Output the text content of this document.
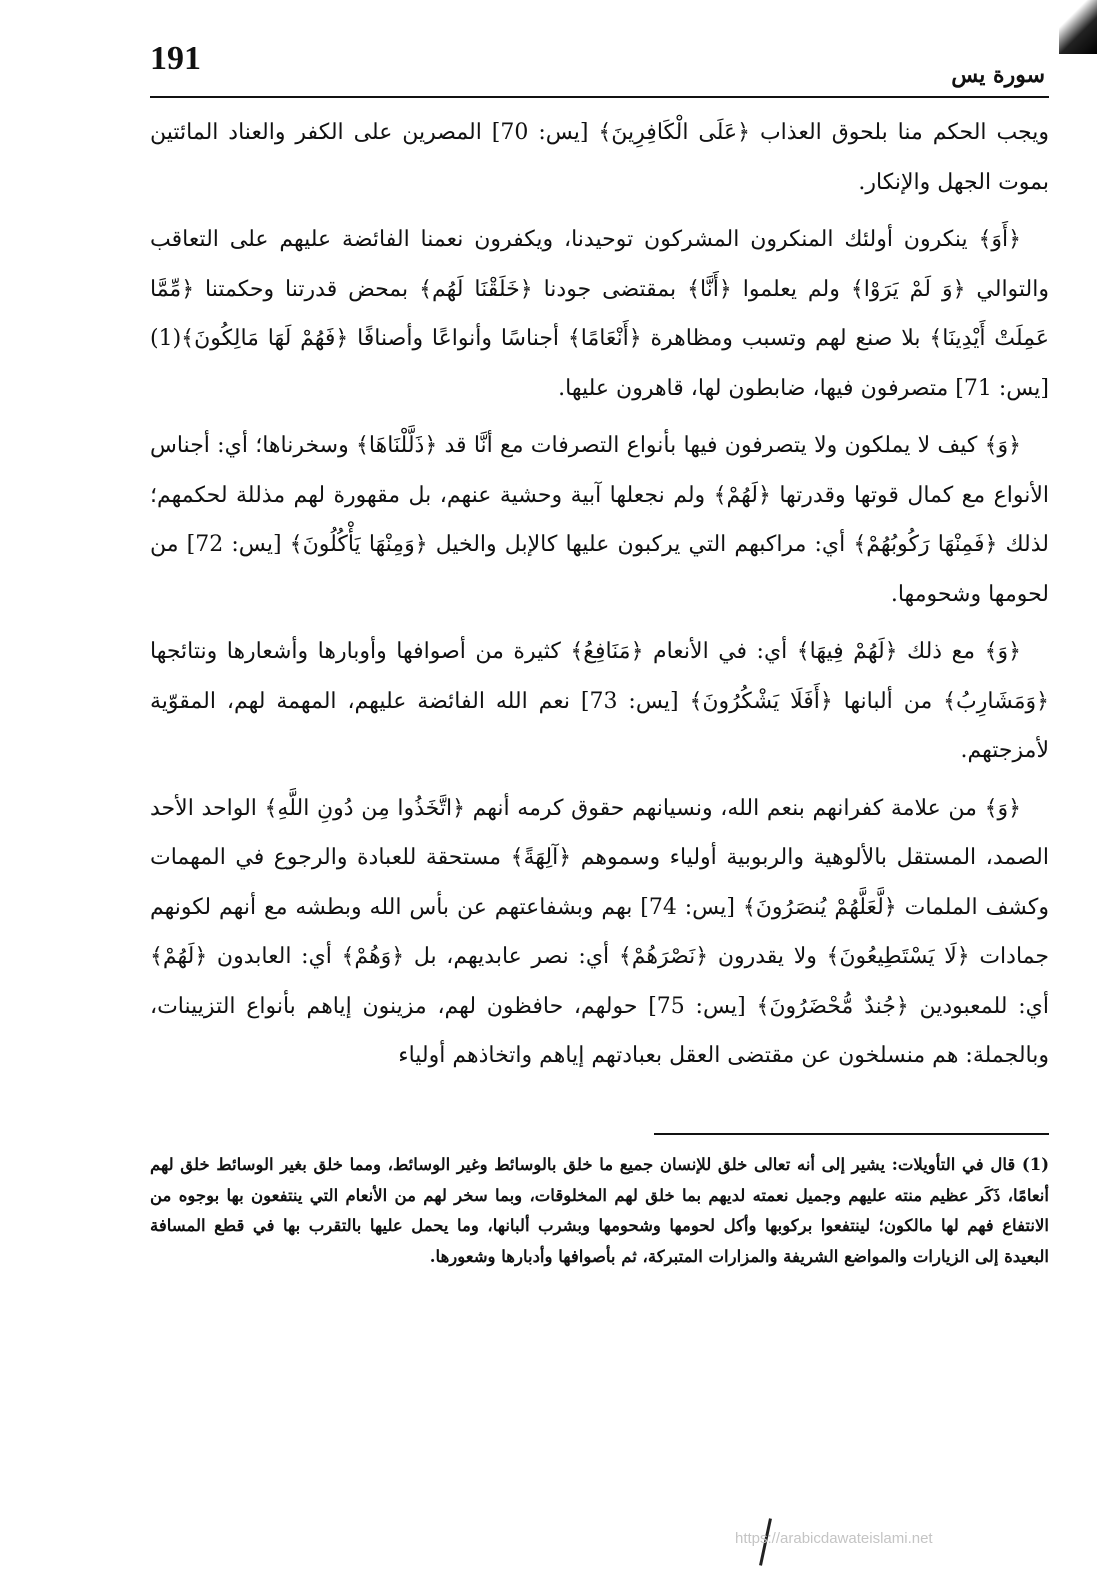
191	سورة يس

ويجب الحكم منا بلحوق العذاب ﴿عَلَى الْكَافِرِينَ﴾ [يس: 70] المصرين على الكفر والعناد المائتين بموت الجهل والإنكار.

﴿أَوَ﴾ ينكرون أولئك المنكرون المشركون توحيدنا، ويكفرون نعمنا الفائضة عليهم على التعاقب والتوالي ﴿وَ لَمْ يَرَوْا﴾ ولم يعلموا ﴿أَنَّا﴾ بمقتضى جودنا ﴿خَلَقْنَا لَهُم﴾ بمحض قدرتنا وحكمتنا ﴿مِّمَّا عَمِلَتْ أَيْدِينَا﴾ بلا صنع لهم وتسبب ومظاهرة ﴿أَنْعَامًا﴾ أجناسًا وأنواعًا وأصنافًا ﴿فَهُمْ لَهَا مَالِكُونَ﴾(1) [يس: 71] متصرفون فيها، ضابطون لها، قاهرون عليها.

﴿وَ﴾ كيف لا يملكون ولا يتصرفون فيها بأنواع التصرفات مع أنَّا قد ﴿ذَلَّلْنَاهَا﴾ وسخرناها؛ أي: أجناس الأنواع مع كمال قوتها وقدرتها ﴿لَهُمْ﴾ ولم نجعلها آبية وحشية عنهم، بل مقهورة لهم مذللة لحكمهم؛ لذلك ﴿فَمِنْهَا رَكُوبُهُمْ﴾ أي: مراكبهم التي يركبون عليها كالإبل والخيل ﴿وَمِنْهَا يَأْكُلُونَ﴾ [يس: 72] من لحومها وشحومها.

﴿وَ﴾ مع ذلك ﴿لَهُمْ فِيهَا﴾ أي: في الأنعام ﴿مَنَافِعُ﴾ كثيرة من أصوافها وأوبارها وأشعارها ونتائجها ﴿وَمَشَارِبُ﴾ من ألبانها ﴿أَفَلَا يَشْكُرُونَ﴾ [يس: 73] نعم الله الفائضة عليهم، المهمة لهم، المقوّية لأمزجتهم.

﴿وَ﴾ من علامة كفرانهم بنعم الله، ونسيانهم حقوق كرمه أنهم ﴿اتَّخَذُوا مِن دُونِ اللَّهِ﴾ الواحد الأحد الصمد، المستقل بالألوهية والربوبية أولياء وسموهم ﴿آلِهَةً﴾ مستحقة للعبادة والرجوع في المهمات وكشف الملمات ﴿لَّعَلَّهُمْ يُنصَرُونَ﴾ [يس: 74] بهم وبشفاعتهم عن بأس الله وبطشه مع أنهم لكونهم جمادات ﴿لَا يَسْتَطِيعُونَ﴾ ولا يقدرون ﴿نَصْرَهُمْ﴾ أي: نصر عابديهم، بل ﴿وَهُمْ﴾ أي: العابدون ﴿لَهُمْ﴾ أي: للمعبودين ﴿جُندٌ مُّحْضَرُونَ﴾ [يس: 75] حولهم، حافظون لهم، مزينون إياهم بأنواع التزيينات، وبالجملة: هم منسلخون عن مقتضى العقل بعبادتهم إياهم واتخاذهم أولياء

(1) قال في التأويلات: يشير إلى أنه تعالى خلق للإنسان جميع ما خلق بالوسائط وغير الوسائط، ومما خلق بغير الوسائط خلق لهم أنعامًا، ذَكَر عظيم منته عليهم وجميل نعمته لديهم بما خلق لهم المخلوقات، وبما سخر لهم من الأنعام التي ينتفعون بها بوجوه من الانتفاع فهم لها مالكون؛ لينتفعوا بركوبها وأكل لحومها وشحومها وبشرب ألبانها، وما يحمل عليها بالتقرب بها في قطع المسافة البعيدة إلى الزيارات والمواضع الشريفة والمزارات المتبركة، ثم بأصوافها وأدبارها وشعورها.

https://arabicdawateislami.net
